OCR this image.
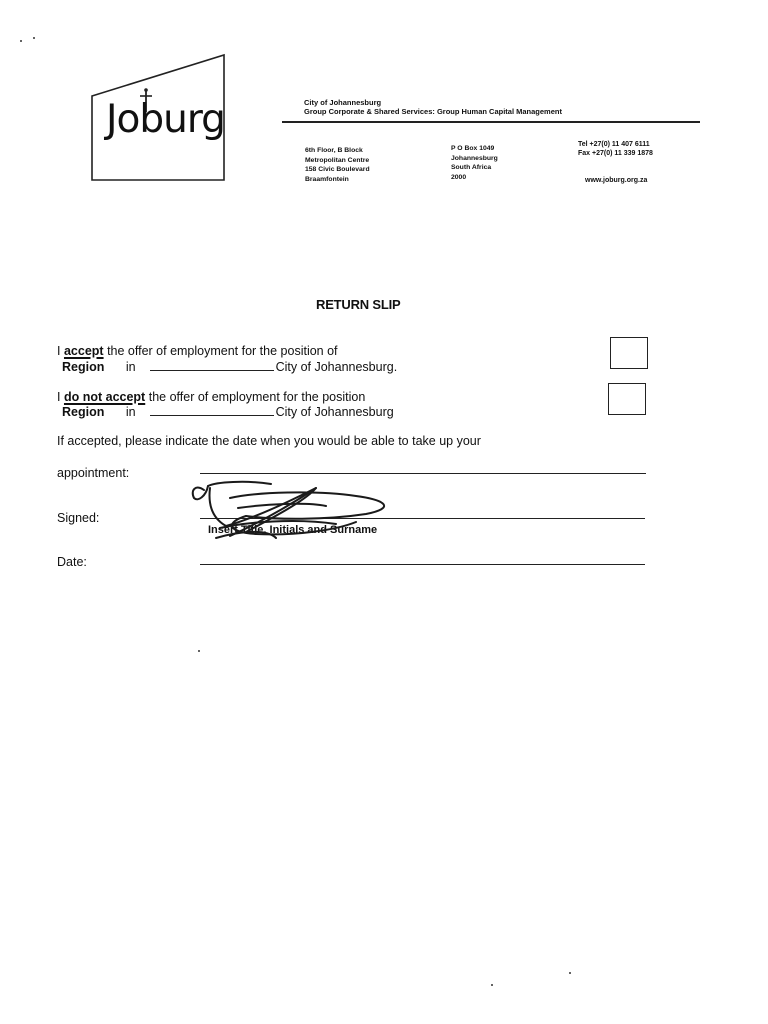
Joburg	City of Johannesburg
Group Corporate & Shared Services: Group Human Capital Management
6th Floor, B Block
Metropolitan Centre
158 Civic Boulevard
Braamfontein
P O Box 1049
Johannesburg
South Africa
2000
Tel +27(0) 11 407 6111
Fax +27(0) 11 339 1878
www.joburg.org.za
RETURN SLIP
I accept the offer of employment for the position of
Region in	City of Johannesburg.
I do not accept the offer of employment for the position
Region in	City of Johannesburg
If accepted, please indicate the date when you would be able to take up your
appointment:
Signed:
Insert Title, Initials and Surname
Date:
